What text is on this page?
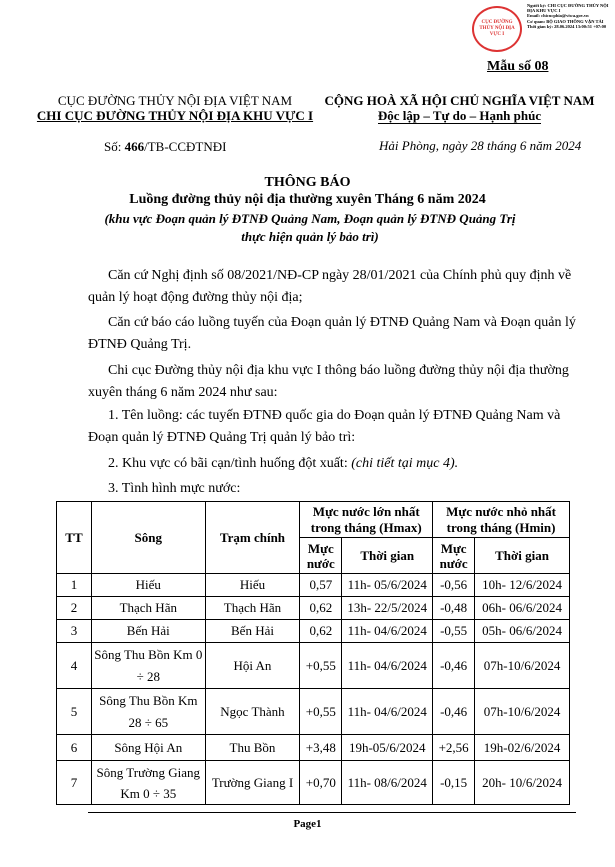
CỤC ĐƯỜNG THỦY NỘI ĐỊA VỰC I
Người ký: CHI CỤC ĐƯỜNG THỦY NỘI ĐỊA KHU VỰC I
Email: chicucphia@viwa.gov.vn
Cơ quan: BỘ GIAO THÔNG VẬN TẢI
Thời gian ký: 28.06.2024 13:00:51 +07:00
Mẫu số 08
CỤC ĐƯỜNG THỦY NỘI ĐỊA VIỆT NAM
CHI CỤC ĐƯỜNG THỦY NỘI ĐỊA KHU VỰC I
CỘNG HOÀ XÃ HỘI CHỦ NGHĨA VIỆT NAM
Độc lập – Tự do – Hạnh phúc
Số: 466/TB-CCĐTNĐI	Hải Phòng, ngày 28 tháng 6 năm 2024
THÔNG BÁO
Luồng đường thủy nội địa thường xuyên Tháng 6 năm 2024
(khu vực Đoạn quản lý ĐTNĐ Quảng Nam, Đoạn quản lý ĐTNĐ Quảng Trị thực hiện quản lý bảo trì)
Căn cứ Nghị định số 08/2021/NĐ-CP ngày 28/01/2021 của Chính phủ quy định về quản lý hoạt động đường thủy nội địa;
Căn cứ báo cáo luồng tuyến của Đoạn quản lý ĐTNĐ Quảng Nam và Đoạn quản lý ĐTNĐ Quảng Trị.
Chi cục Đường thủy nội địa khu vực I thông báo luồng đường thủy nội địa thường xuyên tháng 6 năm 2024 như sau:
1. Tên luồng: các tuyến ĐTNĐ quốc gia do Đoạn quản lý ĐTNĐ Quảng Nam và Đoạn quản lý ĐTNĐ Quảng Trị quản lý bảo trì:
2. Khu vực có bãi cạn/tình huống đột xuất: (chi tiết tại mục 4).
3. Tình hình mực nước:
TT	Sông	Trạm chính	Mực nước lớn nhất trong tháng (Hmax)		Mực nước nhỏ nhất trong tháng (Hmin)	
			Mực nước	Thời gian	Mực nước	Thời gian
1	Hiếu	Hiếu	0,57	11h- 05/6/2024	-0,56	10h- 12/6/2024
2	Thạch Hãn	Thạch Hãn	0,62	13h- 22/5/2024	-0,48	06h- 06/6/2024
3	Bến Hải	Bến Hải	0,62	11h- 04/6/2024	-0,55	05h- 06/6/2024
4	Sông Thu Bồn Km 0 ÷ 28	Hội An	+0,55	11h- 04/6/2024	-0,46	07h-10/6/2024
5	Sông Thu Bồn Km 28 ÷ 65	Ngọc Thành	+0,55	11h- 04/6/2024	-0,46	07h-10/6/2024
6	Sông Hội An	Thu Bồn	+3,48	19h-05/6/2024	+2,56	19h-02/6/2024
7	Sông Trường Giang Km 0 ÷ 35	Trường Giang I	+0,70	11h- 08/6/2024	-0,15	20h- 10/6/2024
Page1
